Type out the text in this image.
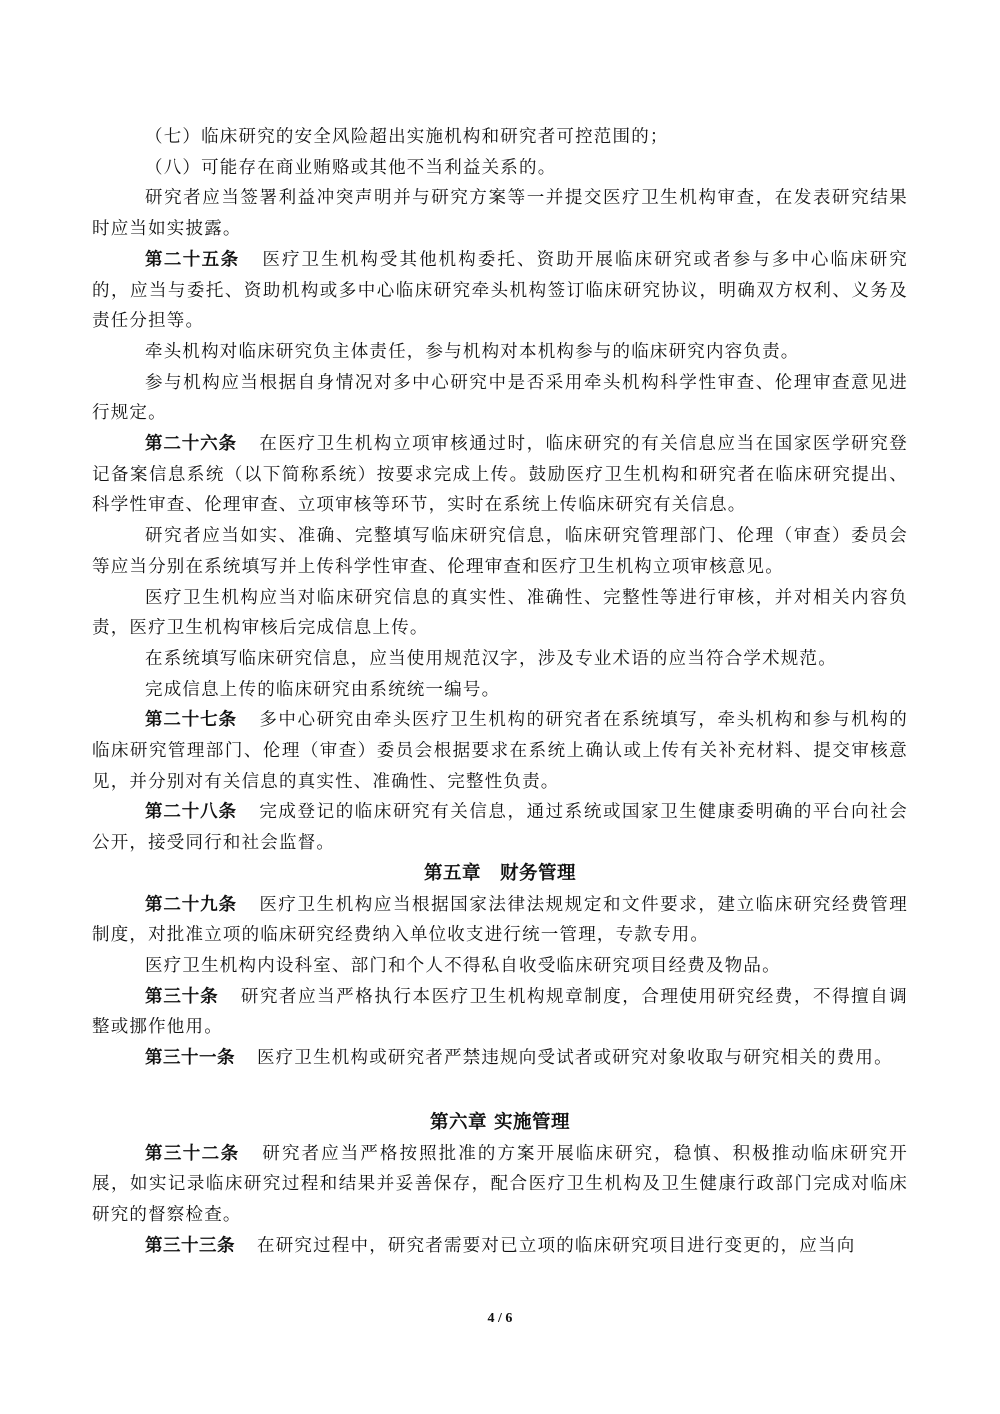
（七）临床研究的安全风险超出实施机构和研究者可控范围的；

（八）可能存在商业贿赂或其他不当利益关系的。

研究者应当签署利益冲突声明并与研究方案等一并提交医疗卫生机构审查，在发表研究结果时应当如实披露。

第二十五条 医疗卫生机构受其他机构委托、资助开展临床研究或者参与多中心临床研究的，应当与委托、资助机构或多中心临床研究牵头机构签订临床研究协议，明确双方权利、义务及责任分担等。

牵头机构对临床研究负主体责任，参与机构对本机构参与的临床研究内容负责。

参与机构应当根据自身情况对多中心研究中是否采用牵头机构科学性审查、伦理审查意见进行规定。

第二十六条 在医疗卫生机构立项审核通过时，临床研究的有关信息应当在国家医学研究登记备案信息系统（以下简称系统）按要求完成上传。鼓励医疗卫生机构和研究者在临床研究提出、科学性审查、伦理审查、立项审核等环节，实时在系统上传临床研究有关信息。

研究者应当如实、准确、完整填写临床研究信息，临床研究管理部门、伦理（审查）委员会等应当分别在系统填写并上传科学性审查、伦理审查和医疗卫生机构立项审核意见。

医疗卫生机构应当对临床研究信息的真实性、准确性、完整性等进行审核，并对相关内容负责，医疗卫生机构审核后完成信息上传。

在系统填写临床研究信息，应当使用规范汉字，涉及专业术语的应当符合学术规范。

完成信息上传的临床研究由系统统一编号。

第二十七条 多中心研究由牵头医疗卫生机构的研究者在系统填写，牵头机构和参与机构的临床研究管理部门、伦理（审查）委员会根据要求在系统上确认或上传有关补充材料、提交审核意见，并分别对有关信息的真实性、准确性、完整性负责。

第二十八条 完成登记的临床研究有关信息，通过系统或国家卫生健康委明确的平台向社会公开，接受同行和社会监督。

第五章　财务管理

第二十九条 医疗卫生机构应当根据国家法律法规规定和文件要求，建立临床研究经费管理制度，对批准立项的临床研究经费纳入单位收支进行统一管理，专款专用。

医疗卫生机构内设科室、部门和个人不得私自收受临床研究项目经费及物品。

第三十条 研究者应当严格执行本医疗卫生机构规章制度，合理使用研究经费，不得擅自调整或挪作他用。

第三十一条 医疗卫生机构或研究者严禁违规向受试者或研究对象收取与研究相关的费用。

第六章 实施管理

第三十二条 研究者应当严格按照批准的方案开展临床研究，稳慎、积极推动临床研究开展，如实记录临床研究过程和结果并妥善保存，配合医疗卫生机构及卫生健康行政部门完成对临床研究的督察检查。

第三十三条 在研究过程中，研究者需要对已立项的临床研究项目进行变更的，应当向

4 / 6
